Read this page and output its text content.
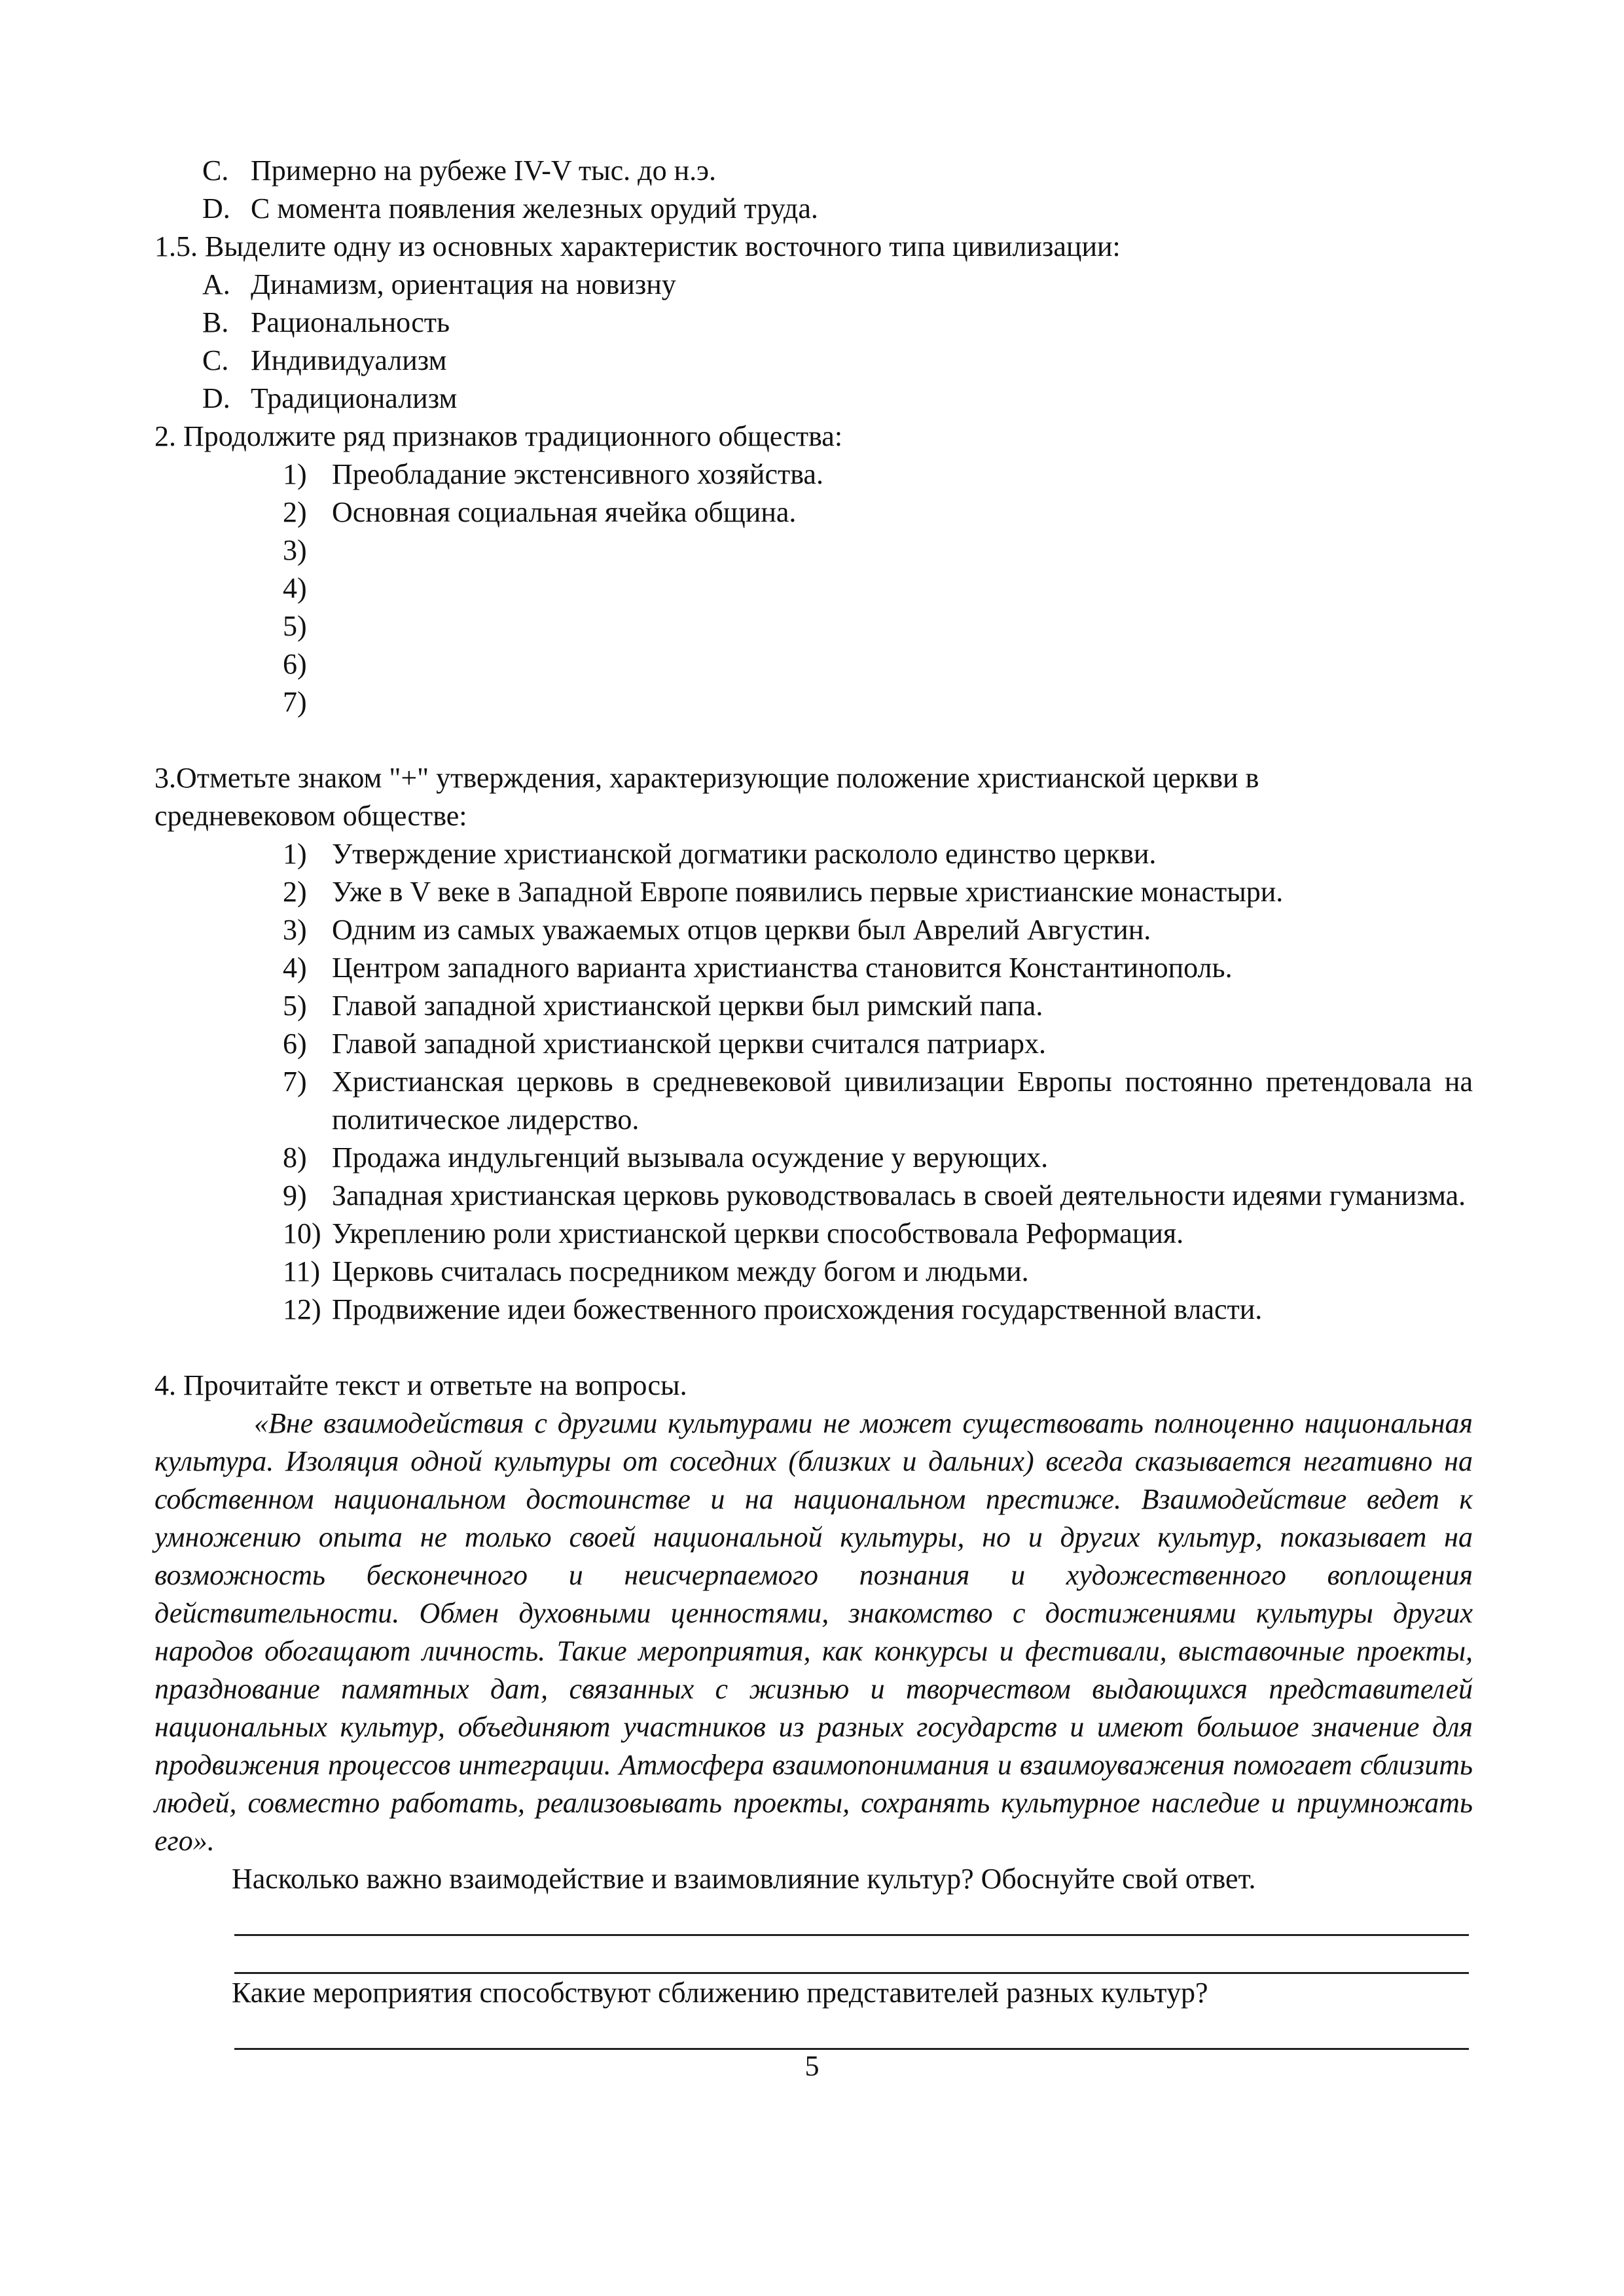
C. Примерно на рубеже IV-V тыс. до н.э.
D. С момента появления железных орудий труда.
1.5. Выделите одну из основных характеристик восточного типа цивилизации:
A. Динамизм, ориентация на новизну
B. Рациональность
C. Индивидуализм
D. Традиционализм
2. Продолжите ряд признаков традиционного общества:
1) Преобладание экстенсивного хозяйства.
2) Основная социальная ячейка община.
3)
4)
5)
6)
7)
3.Отметьте знаком "+" утверждения, характеризующие положение христианской церкви в
средневековом обществе:
1) Утверждение христианской догматики раскололо единство церкви.
2) Уже в V веке в Западной Европе появились первые христианские монастыри.
3) Одним из самых уважаемых отцов церкви был Аврелий Августин.
4) Центром западного варианта христианства становится Константинополь.
5) Главой западной христианской церкви был римский папа.
6) Главой западной христианской церкви считался патриарх.
7) Христианская церковь в средневековой цивилизации Европы постоянно претендовала на политическое лидерство.
8) Продажа индульгенций вызывала осуждение у верующих.
9) Западная христианская церковь руководствовалась в своей деятельности идеями гуманизма.
10) Укреплению роли христианской церкви способствовала Реформация.
11) Церковь считалась посредником между богом и людьми.
12) Продвижение идеи божественного происхождения государственной власти.
4. Прочитайте текст и ответьте на вопросы.

«Вне взаимодействия с другими культурами не может существовать полноценно национальная культура. Изоляция одной культуры от соседних (близких и дальних) всегда сказывается негативно на собственном национальном достоинстве и на национальном престиже. Взаимодействие ведет к умножению опыта не только своей национальной культуры, но и других культур, показывает на возможность бесконечного и неисчерпаемого познания и художественного воплощения действительности. Обмен духовными ценностями, знакомство с достижениями культуры других народов обогащают личность. Такие мероприятия, как конкурсы и фестивали, выставочные проекты, празднование памятных дат, связанных с жизнью и творчеством выдающихся представителей национальных культур, объединяют участников из разных государств и имеют большое значение для продвижения процессов интеграции. Атмосфера взаимопонимания и взаимоуважения помогает сблизить людей, совместно работать, реализовывать проекты, сохранять культурное наследие и приумножать его».

Насколько важно взаимодействие и взаимовлияние культур? Обоснуйте свой ответ.
Какие мероприятия способствуют сближению представителей разных культур?
5
